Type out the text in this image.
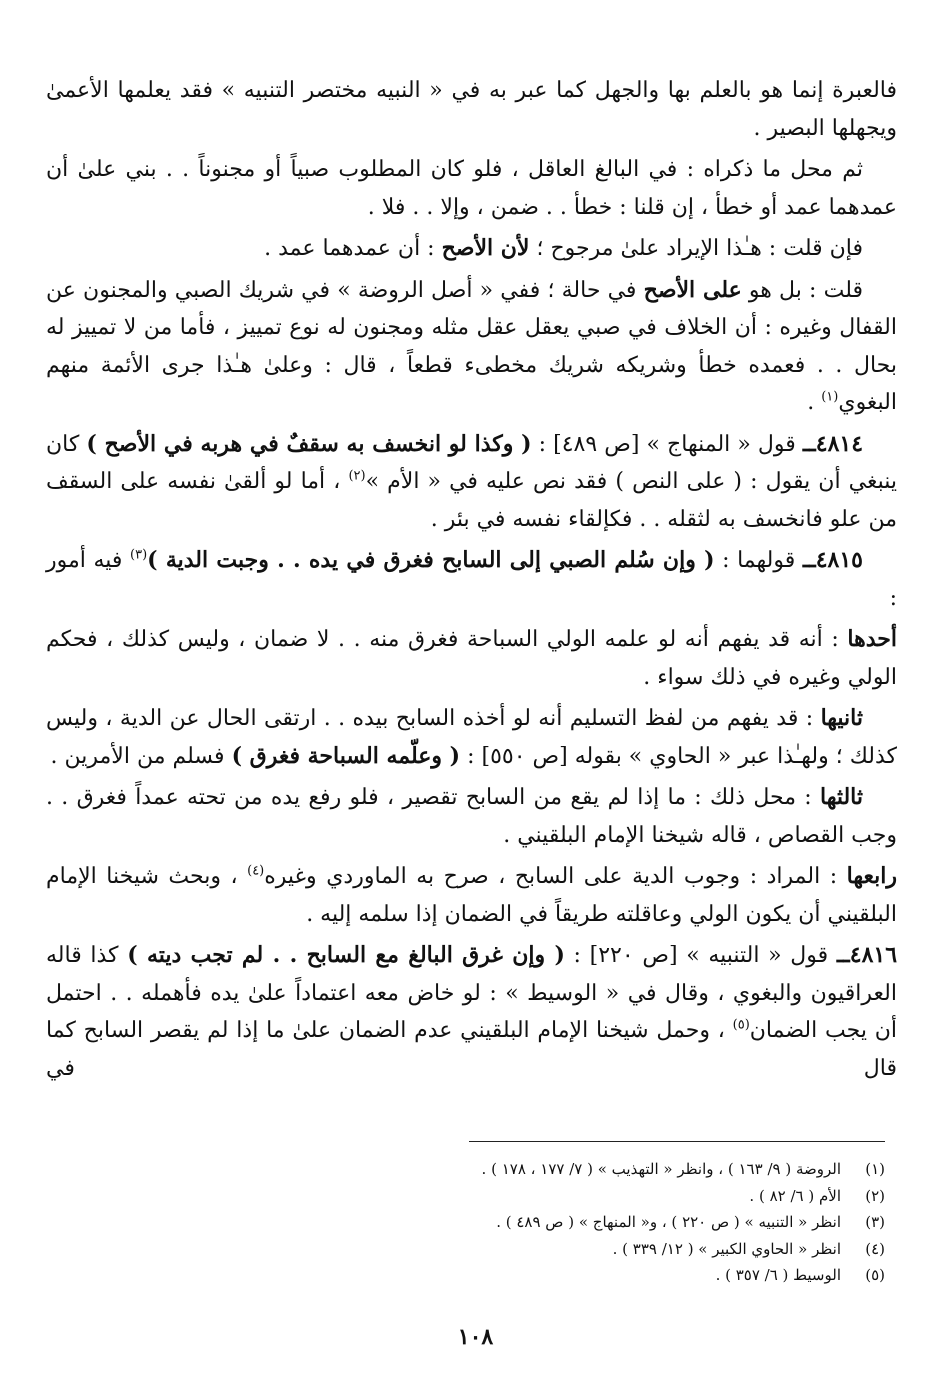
فالعبرة إنما هو بالعلم بها والجهل كما عبر به في « النبيه مختصر التنبيه » فقد يعلمها الأعمىٰ ويجهلها البصير .

ثم محل ما ذكراه : في البالغ العاقل ، فلو كان المطلوب صبياً أو مجنوناً . . بني علىٰ أن عمدهما عمد أو خطأ ، إن قلنا : خطأ . . ضمن ، وإلا . . فلا .

فإن قلت : هـٰذا الإيراد علىٰ مرجوح ؛ لأن الأصح : أن عمدهما عمد .

قلت : بل هو على الأصح في حالة ؛ ففي « أصل الروضة » في شريك الصبي والمجنون عن القفال وغيره : أن الخلاف في صبي يعقل عقل مثله ومجنون له نوع تمييز ، فأما من لا تمييز له بحال . . فعمده خطأ وشريكه شريك مخطىء قطعاً ، قال : وعلىٰ هـٰذا جرى الأئمة منهم البغوي$^{(١)}$ .

٤٨١٤ــ قول « المنهاج » [ص ٤٨٩] : ( وكذا لو انخسف به سقفٌ في هربه في الأصح ) كان ينبغي أن يقول : ( على النص ) فقد نص عليه في « الأم »$^{(٢)}$ ، أما لو ألقىٰ نفسه على السقف من علو فانخسف به لثقله . . فكإلقاء نفسه في بئر .

٤٨١٥ــ قولهما : ( وإن سُلم الصبي إلى السابح فغرق في يده . . وجبت الدية )$^{(٣)}$ فيه أمور :

أحدها : أنه قد يفهم أنه لو علمه الولي السباحة فغرق منه . . لا ضمان ، وليس كذلك ، فحكم الولي وغيره في ذلك سواء .

ثانيها : قد يفهم من لفظ التسليم أنه لو أخذه السابح بيده . . ارتقى الحال عن الدية ، وليس كذلك ؛ ولهـٰذا عبر « الحاوي » بقوله [ص ٥٥٠] : ( وعلّمه السباحة فغرق ) فسلم من الأمرين .

ثالثها : محل ذلك : ما إذا لم يقع من السابح تقصير ، فلو رفع يده من تحته عمداً فغرق . . وجب القصاص ، قاله شيخنا الإمام البلقيني .

رابعها : المراد : وجوب الدية على السابح ، صرح به الماوردي وغيره$^{(٤)}$ ، وبحث شيخنا الإمام البلقيني أن يكون الولي وعاقلته طريقاً في الضمان إذا سلمه إليه .

٤٨١٦ــ قول « التنبيه » [ص ٢٢٠] : ( وإن غرق البالغ مع السابح . . لم تجب ديته ) كذا قاله العراقيون والبغوي ، وقال في « الوسيط » : لو خاض معه اعتماداً علىٰ يده فأهمله . . احتمل أن يجب الضمان$^{(٥)}$ ، وحمل شيخنا الإمام البلقيني عدم الضمان علىٰ ما إذا لم يقصر السابح كما قال في

(١)الروضة ( ٩/ ١٦٣ ) ، وانظر « التهذيب » ( ٧/ ١٧٧ ، ١٧٨ ) .
(٢)الأم ( ٦/ ٨٢ ) .
(٣)انظر « التنبيه » ( ص ٢٢٠ ) ، و« المنهاج » ( ص ٤٨٩ ) .
(٤)انظر « الحاوي الكبير » ( ١٢/ ٣٣٩ ) .
(٥)الوسيط ( ٦/ ٣٥٧ ) .
١٠٨
